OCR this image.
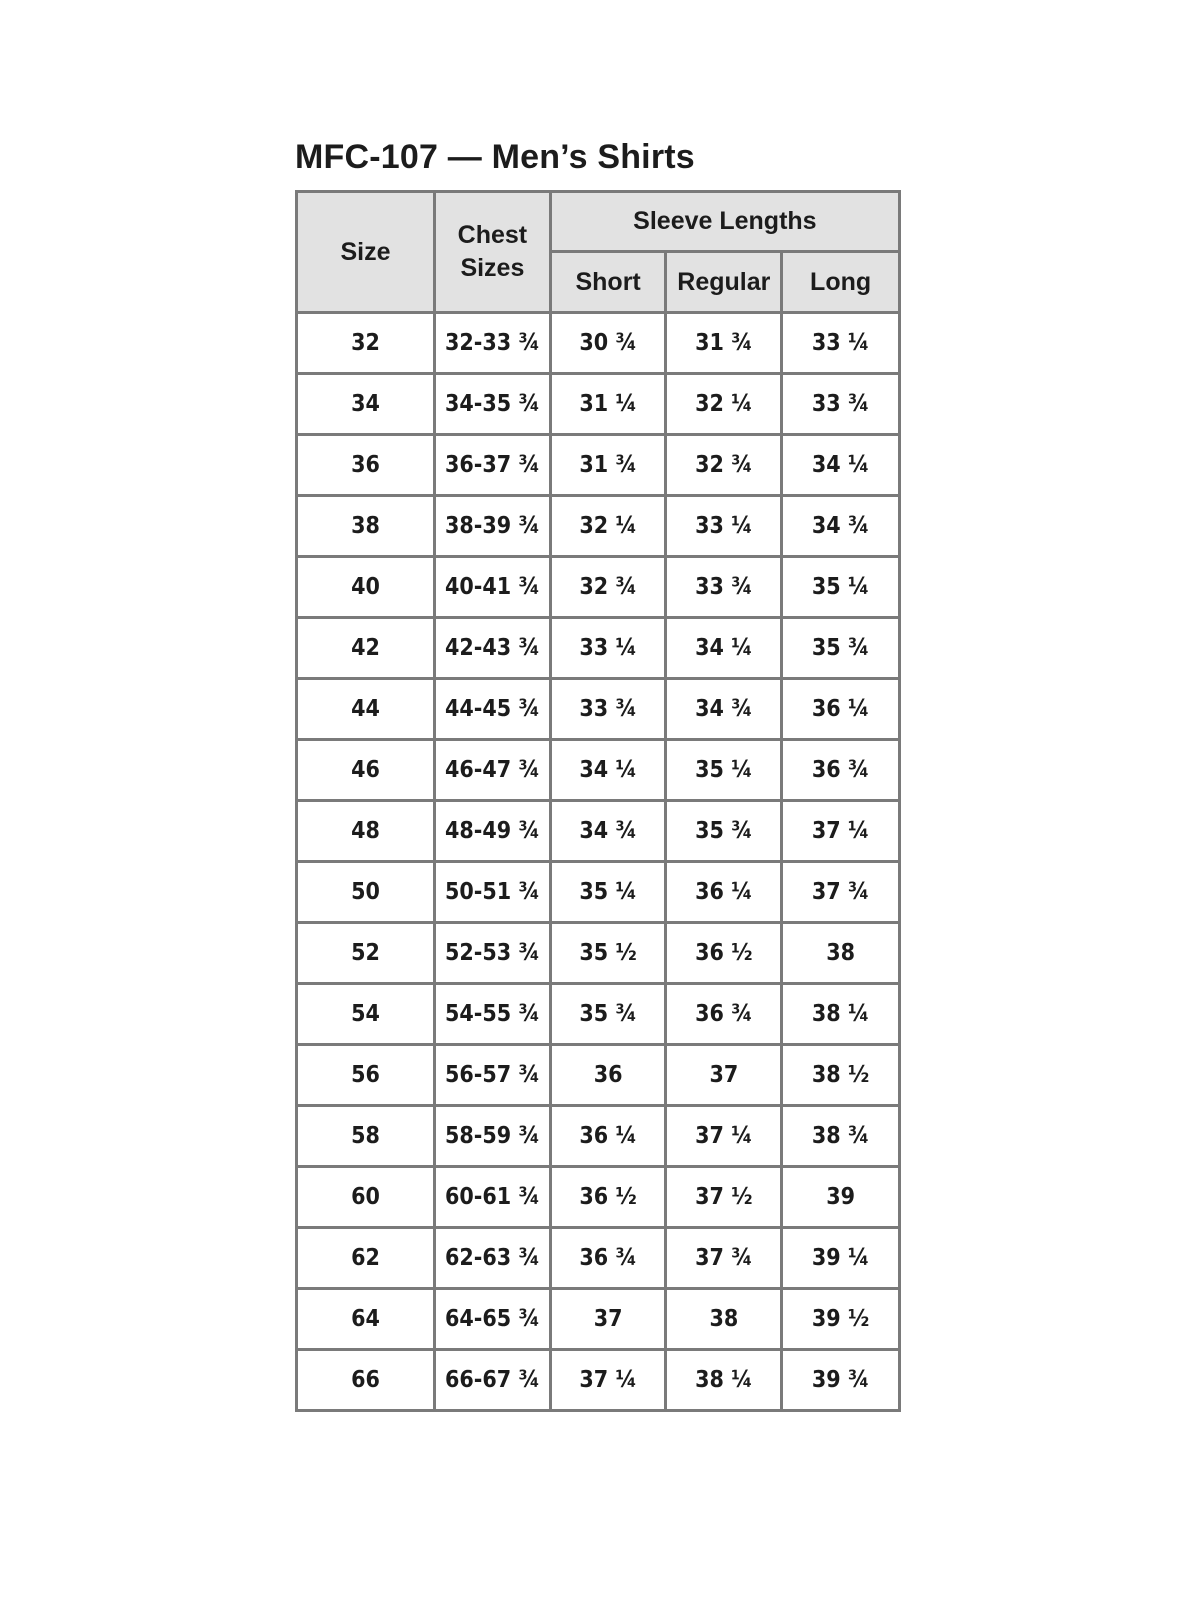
MFC-107 — Men’s Shirts
Size	Chest Sizes	Sleeve Lengths		
		Short	Regular	Long
32	32-33 ¾	30 ¾	31 ¾	33 ¼
34	34-35 ¾	31 ¼	32 ¼	33 ¾
36	36-37 ¾	31 ¾	32 ¾	34 ¼
38	38-39 ¾	32 ¼	33 ¼	34 ¾
40	40-41 ¾	32 ¾	33 ¾	35 ¼
42	42-43 ¾	33 ¼	34 ¼	35 ¾
44	44-45 ¾	33 ¾	34 ¾	36 ¼
46	46-47 ¾	34 ¼	35 ¼	36 ¾
48	48-49 ¾	34 ¾	35 ¾	37 ¼
50	50-51 ¾	35 ¼	36 ¼	37 ¾
52	52-53 ¾	35 ½	36 ½	38
54	54-55 ¾	35 ¾	36 ¾	38 ¼
56	56-57 ¾	36	37	38 ½
58	58-59 ¾	36 ¼	37 ¼	38 ¾
60	60-61 ¾	36 ½	37 ½	39
62	62-63 ¾	36 ¾	37 ¾	39 ¼
64	64-65 ¾	37	38	39 ½
66	66-67 ¾	37 ¼	38 ¼	39 ¾
